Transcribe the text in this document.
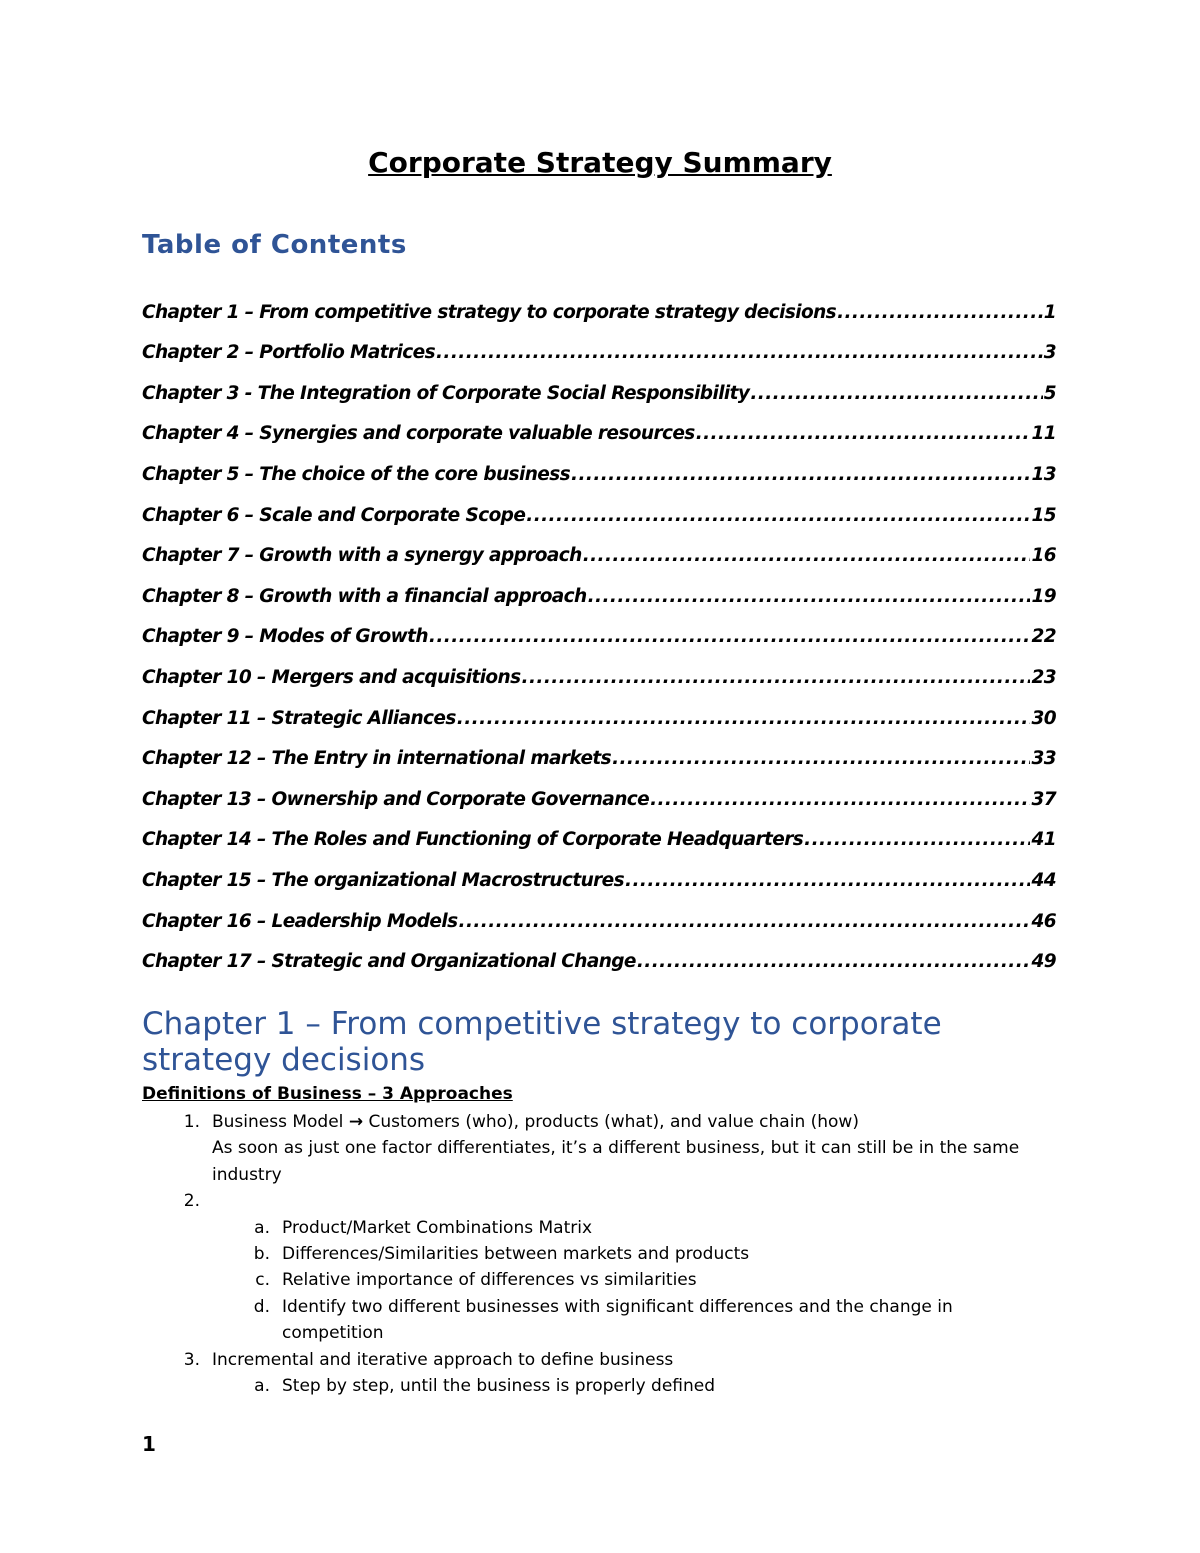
Corporate Strategy Summary
Table of Contents
Chapter 1 – From competitive strategy to corporate strategy decisions .....	1
Chapter 2 – Portfolio Matrices .....	3
Chapter 3 - The Integration of Corporate Social Responsibility .....	5
Chapter 4 – Synergies and corporate valuable resources .....	11
Chapter 5 – The choice of the core business .....	13
Chapter 6 – Scale and Corporate Scope .....	15
Chapter 7 – Growth with a synergy approach .....	16
Chapter 8 – Growth with a financial approach .....	19
Chapter 9 – Modes of Growth .....	22
Chapter 10 – Mergers and acquisitions .....	23
Chapter 11 – Strategic Alliances .....	30
Chapter 12 – The Entry in international markets .....	33
Chapter 13 – Ownership and Corporate Governance .....	37
Chapter 14 – The Roles and Functioning of Corporate Headquarters .....	41
Chapter 15 – The organizational Macrostructures .....	44
Chapter 16 – Leadership Models .....	46
Chapter 17 – Strategic and Organizational Change .....	49
Chapter 1 – From competitive strategy to corporate strategy decisions
Definitions of Business – 3 Approaches
1. Business Model → Customers (who), products (what), and value chain (how)
As soon as just one factor differentiates, it’s a different business, but it can still be in the same industry
2.
a. Product/Market Combinations Matrix
b. Differences/Similarities between markets and products
c. Relative importance of differences vs similarities
d. Identify two different businesses with significant differences and the change in competition
3. Incremental and iterative approach to define business
a. Step by step, until the business is properly defined
1
